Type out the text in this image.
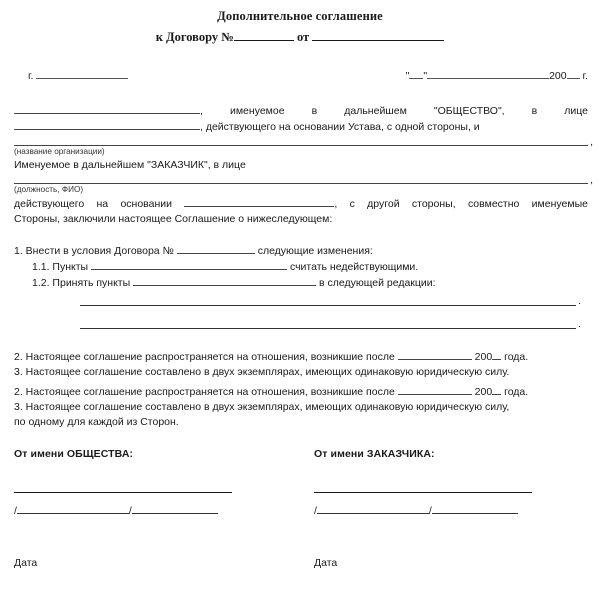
Дополнительное соглашение
к Договору №	от
г.	" "	200 г.
, именуемое в дальнейшем "ОБЩЕСТВО", в лице
, действующего на основании Устава, с одной стороны, и
,
(название организации)
Именуемое в дальнейшем "ЗАКАЗЧИК", в лице
,
(должность, ФИО)
действующего на основании	, с другой стороны, совместно именуемые
Стороны, заключили настоящее Соглашение о нижеследующем:
1. Внести в условия Договора №	следующие изменения:
1.1. Пункты	считать недействующими.
1.2. Принять пункты	в следующей редакции:
.
.
2. Настоящее соглашение распространяется на отношения, возникшие после	200 года.
3. Настоящее соглашение составлено в двух экземплярах, имеющих одинаковую юридическую силу.
2. Настоящее соглашение распространяется на отношения, возникшие после	200 года.
3. Настоящее соглашение составлено в двух экземплярах, имеющих одинаковую юридическую силу,
по одному для каждой из Сторон.
От имени ОБЩЕСТВА:
/	/
Дата
От имени ЗАКАЗЧИКА:
/	/
Дата
